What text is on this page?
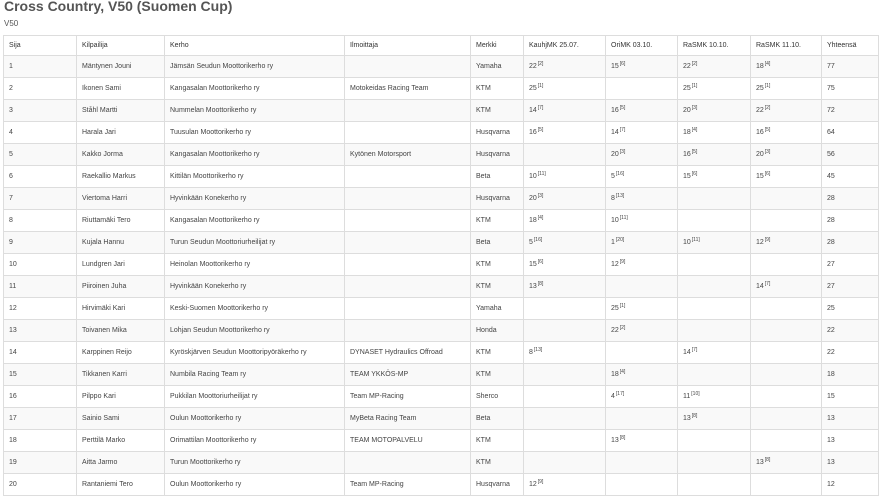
Cross Country, V50 (Suomen Cup)
V50
Sija	Kilpailija	Kerho	Ilmoittaja	Merkki	KauhjMK 25.07.	OriMK 03.10.	RaSMK 10.10.	RaSMK 11.10.	Yhteensä
1	Mäntynen Jouni	Jämsän Seudun Moottorikerho ry		Yamaha	22[2]	15[6]	22[2]	18[4]	77
2	Ikonen Sami	Kangasalan Moottorikerho ry	Motokeidas Racing Team	KTM	25[1]		25[1]	25[1]	75
3	Ståhl Martti	Nummelan Moottorikerho ry		KTM	14[7]	16[5]	20[3]	22[2]	72
4	Harala Jari	Tuusulan Moottorikerho ry		Husqvarna	16[5]	14[7]	18[4]	16[5]	64
5	Kakko Jorma	Kangasalan Moottorikerho ry	Kytönen Motorsport	Husqvarna		20[3]	16[5]	20[3]	56
6	Raekallio Markus	Kittilän Moottorikerho ry		Beta	10[11]	5[16]	15[6]	15[6]	45
7	Viertoma Harri	Hyvinkään Konekerho ry		Husqvarna	20[3]	8[13]			28
8	Riuttamäki Tero	Kangasalan Moottorikerho ry		KTM	18[4]	10[11]			28
9	Kujala Hannu	Turun Seudun Moottoriurheilijat ry		Beta	5[16]	1[20]	10[11]	12[9]	28
10	Lundgren Jari	Heinolan Moottorikerho ry		KTM	15[6]	12[9]			27
11	Piiroinen Juha	Hyvinkään Konekerho ry		KTM	13[8]			14[7]	27
12	Hirvimäki Kari	Keski-Suomen Moottorikerho ry		Yamaha		25[1]			25
13	Toivanen Mika	Lohjan Seudun Moottorikerho ry		Honda		22[2]			22
14	Karppinen Reijo	Kyröskjärven Seudun Moottoripyöräkerho ry	DYNASET Hydraulics Offroad	KTM	8[13]		14[7]		22
15	Tikkanen Karri	Numbila Racing Team ry	TEAM YKKÖS-MP	KTM		18[4]			18
16	Pilppo Kari	Pukkilan Moottoriurheilijat ry	Team MP-Racing	Sherco		4[17]	11[10]		15
17	Sainio Sami	Oulun Moottorikerho ry	MyBeta Racing Team	Beta			13[8]		13
18	Perttilä Marko	Orimattilan Moottorikerho ry	TEAM MOTOPALVELU	KTM		13[8]			13
19	Aitta Jarmo	Turun Moottorikerho ry		KTM				13[8]	13
20	Rantaniemi Tero	Oulun Moottorikerho ry	Team MP-Racing	Husqvarna	12[9]				12
